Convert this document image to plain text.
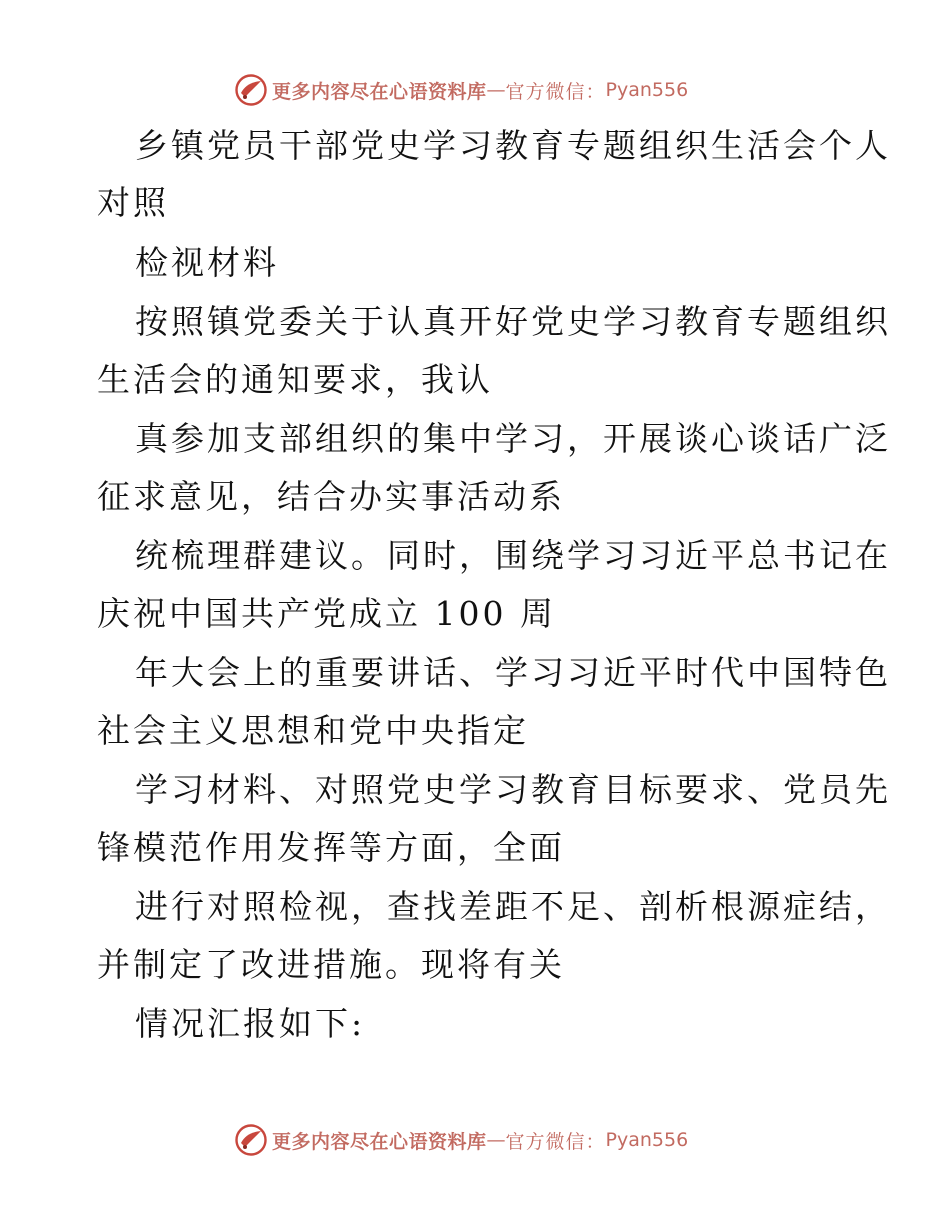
更多内容尽在心语资料库 — 官方微信： Pyan556
乡镇党员干部党史学习教育专题组织生活会个人
对照
检视材料
按照镇党委关于认真开好党史学习教育专题组织
生活会的通知要求，我认
真参加支部组织的集中学习，开展谈心谈话广泛
征求意见，结合办实事活动系
统梳理群建议。同时，围绕学习习近平总书记在
庆祝中国共产党成立 100 周
年大会上的重要讲话、学习习近平时代中国特色
社会主义思想和党中央指定
学习材料、对照党史学习教育目标要求、党员先
锋模范作用发挥等方面，全面
进行对照检视，查找差距不足、剖析根源症结，
并制定了改进措施。现将有关
情况汇报如下:
更多内容尽在心语资料库 — 官方微信： Pyan556
